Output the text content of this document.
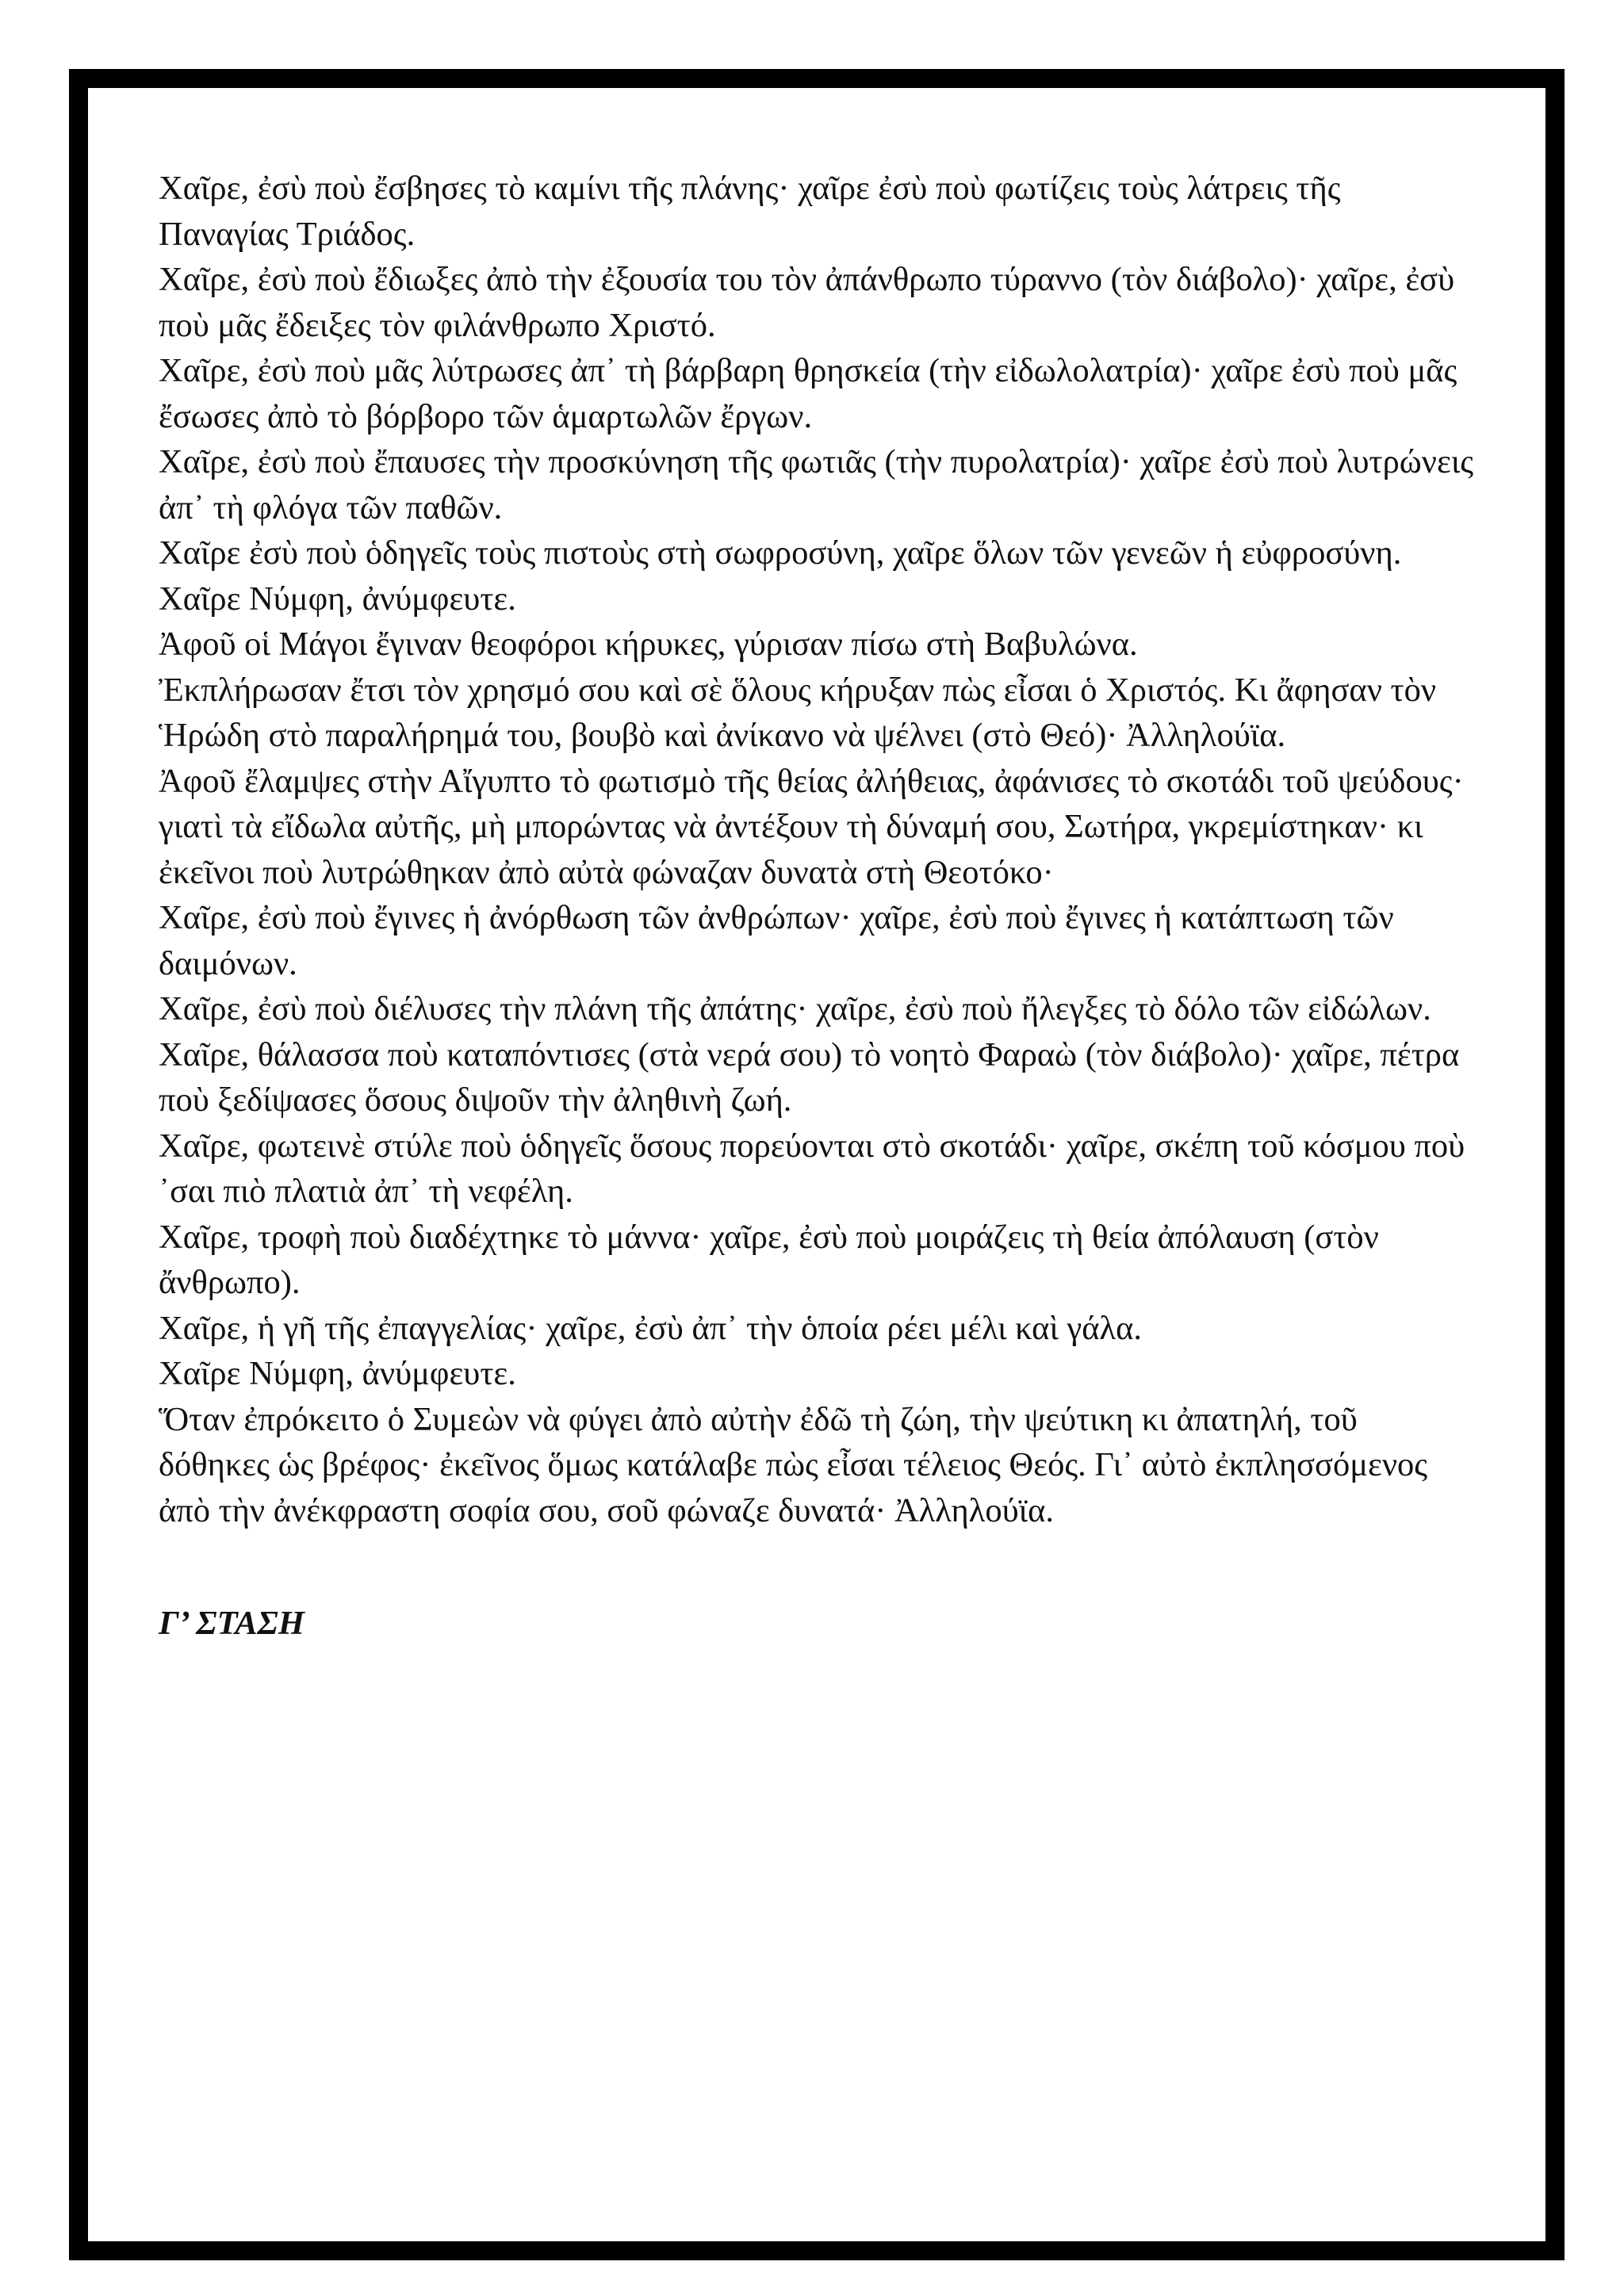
Χαῖρε, ἐσὺ ποὺ ἔσβησες τὸ καμίνι τῆς πλάνης· χαῖρε ἐσὺ ποὺ φωτίζεις τοὺς λάτρεις τῆς Παναγίας Τριάδος.

Χαῖρε, ἐσὺ ποὺ ἔδιωξες ἀπὸ τὴν ἐξουσία του τὸν ἀπάνθρωπο τύραννο (τὸν διάβολο)· χαῖρε, ἐσὺ ποὺ μᾶς ἔδειξες τὸν φιλάνθρωπο Χριστό.

Χαῖρε, ἐσὺ ποὺ μᾶς λύτρωσες ἀπ᾽ τὴ βάρβαρη θρησκεία (τὴν εἰδωλολατρία)· χαῖρε ἐσὺ ποὺ μᾶς ἔσωσες ἀπὸ τὸ βόρβορο τῶν ἁμαρτωλῶν ἔργων.

Χαῖρε, ἐσὺ ποὺ ἔπαυσες τὴν προσκύνηση τῆς φωτιᾶς (τὴν πυρολατρία)· χαῖρε ἐσὺ ποὺ λυτρώνεις ἀπ᾽ τὴ φλόγα τῶν παθῶν.

Χαῖρε ἐσὺ ποὺ ὁδηγεῖς τοὺς πιστοὺς στὴ σωφροσύνη, χαῖρε ὅλων τῶν γενεῶν ἡ εὐφροσύνη.

Χαῖρε Νύμφη, ἀνύμφευτε.

Ἀφοῦ οἱ Μάγοι ἔγιναν θεοφόροι κήρυκες, γύρισαν πίσω στὴ Βαβυλώνα.

Ἐκπλήρωσαν ἔτσι τὸν χρησμό σου καὶ σὲ ὅλους κήρυξαν πὼς εἶσαι ὁ Χριστός. Κι ἄφησαν τὸν Ἡρώδη στὸ παραλήρημά του, βουβὸ καὶ ἀνίκανο νὰ ψέλνει (στὸ Θεό)· Ἀλληλούϊα.

Ἀφοῦ ἔλαμψες στὴν Αἴγυπτο τὸ φωτισμὸ τῆς θείας ἀλήθειας, ἀφάνισες τὸ σκοτάδι τοῦ ψεύδους· γιατὶ τὰ εἴδωλα αὐτῆς, μὴ μπορώντας νὰ ἀντέξουν τὴ δύναμή σου, Σωτήρα, γκρεμίστηκαν· κι ἐκεῖνοι ποὺ λυτρώθηκαν ἀπὸ αὐτὰ φώναζαν δυνατὰ στὴ Θεοτόκο·

Χαῖρε, ἐσὺ ποὺ ἔγινες ἡ ἀνόρθωση τῶν ἀνθρώπων· χαῖρε, ἐσὺ ποὺ ἔγινες ἡ κατάπτωση τῶν δαιμόνων.

Χαῖρε, ἐσὺ ποὺ διέλυσες τὴν πλάνη τῆς ἀπάτης· χαῖρε, ἐσὺ ποὺ ἤλεγξες τὸ δόλο τῶν εἰδώλων.

Χαῖρε, θάλασσα ποὺ καταπόντισες (στὰ νερά σου) τὸ νοητὸ Φαραὼ (τὸν διάβολο)· χαῖρε, πέτρα ποὺ ξεδίψασες ὅσους διψοῦν τὴν ἀληθινὴ ζωή.

Χαῖρε, φωτεινὲ στύλε ποὺ ὁδηγεῖς ὅσους πορεύονται στὸ σκοτάδι· χαῖρε, σκέπη τοῦ κόσμου ποὺ ᾽σαι πιὸ πλατιὰ ἀπ᾽ τὴ νεφέλη.

Χαῖρε, τροφὴ ποὺ διαδέχτηκε τὸ μάννα· χαῖρε, ἐσὺ ποὺ μοιράζεις τὴ θεία ἀπόλαυση (στὸν ἄνθρωπο).

Χαῖρε, ἡ γῆ τῆς ἐπαγγελίας· χαῖρε, ἐσὺ ἀπ᾽ τὴν ὁποία ρέει μέλι καὶ γάλα.

Χαῖρε Νύμφη, ἀνύμφευτε.

Ὅταν ἐπρόκειτο ὁ Συμεὼν νὰ φύγει ἀπὸ αὐτὴν ἐδῶ τὴ ζώη, τὴν ψεύτικη κι ἀπατηλή, τοῦ δόθηκες ὡς βρέφος· ἐκεῖνος ὅμως κατάλαβε πὼς εἶσαι τέλειος Θεός. Γι᾽ αὐτὸ ἐκπλησσόμενος ἀπὸ τὴν ἀνέκφραστη σοφία σου, σοῦ φώναζε δυνατά· Ἀλληλούϊα.

Γ’ ΣΤΑΣΗ
